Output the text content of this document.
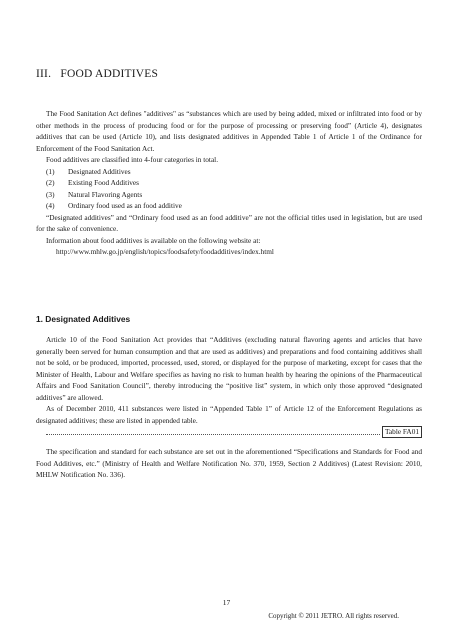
III.   FOOD ADDITIVES

The Food Sanitation Act defines "additives" as “substances which are used by being added, mixed or infiltrated into food or by other methods in the process of producing food or for the purpose of processing or preserving food” (Article 4), designates additives that can be used (Article 10), and lists designated additives in Appended Table 1 of Article 1 of the Ordinance for Enforcement of the Food Sanitation Act.

Food additives are classified into 4-four categories in total.

(1) Designated Additives
(2) Existing Food Additives
(3) Natural Flavoring Agents
(4) Ordinary food used as an food additive

“Designated additives” and “Ordinary food used as an food additive” are not the official titles used in legislation, but are used for the sake of convenience.

Information about food additives is available on the following website at:

http://www.mhlw.go.jp/english/topics/foodsafety/foodadditives/index.html

1. Designated Additives

Article 10 of the Food Sanitation Act provides that “Additives (excluding natural flavoring agents and articles that have generally been served for human consumption and that are used as additives) and preparations and food containing additives shall not be sold, or be produced, imported, processed, used, stored, or displayed for the purpose of marketing, except for cases that the Minister of Health, Labour and Welfare specifies as having no risk to human health by hearing the opinions of the Pharmaceutical Affairs and Food Sanitation Council”, thereby introducing the “positive list” system, in which only those approved “designated additives” are allowed.

As of December 2010, 411 substances were listed in “Appended Table 1” of Article 12 of the Enforcement Regulations as designated additives; these are listed in appended table.

Table FA01

The specification and standard for each substance are set out in the aforementioned “Specifications and Standards for Food and Food Additives, etc.” (Ministry of Health and Welfare Notification No. 370, 1959, Section 2 Additives) (Latest Revision: 2010, MHLW Notification No. 336).

17
Copyright © 2011 JETRO. All rights reserved.
